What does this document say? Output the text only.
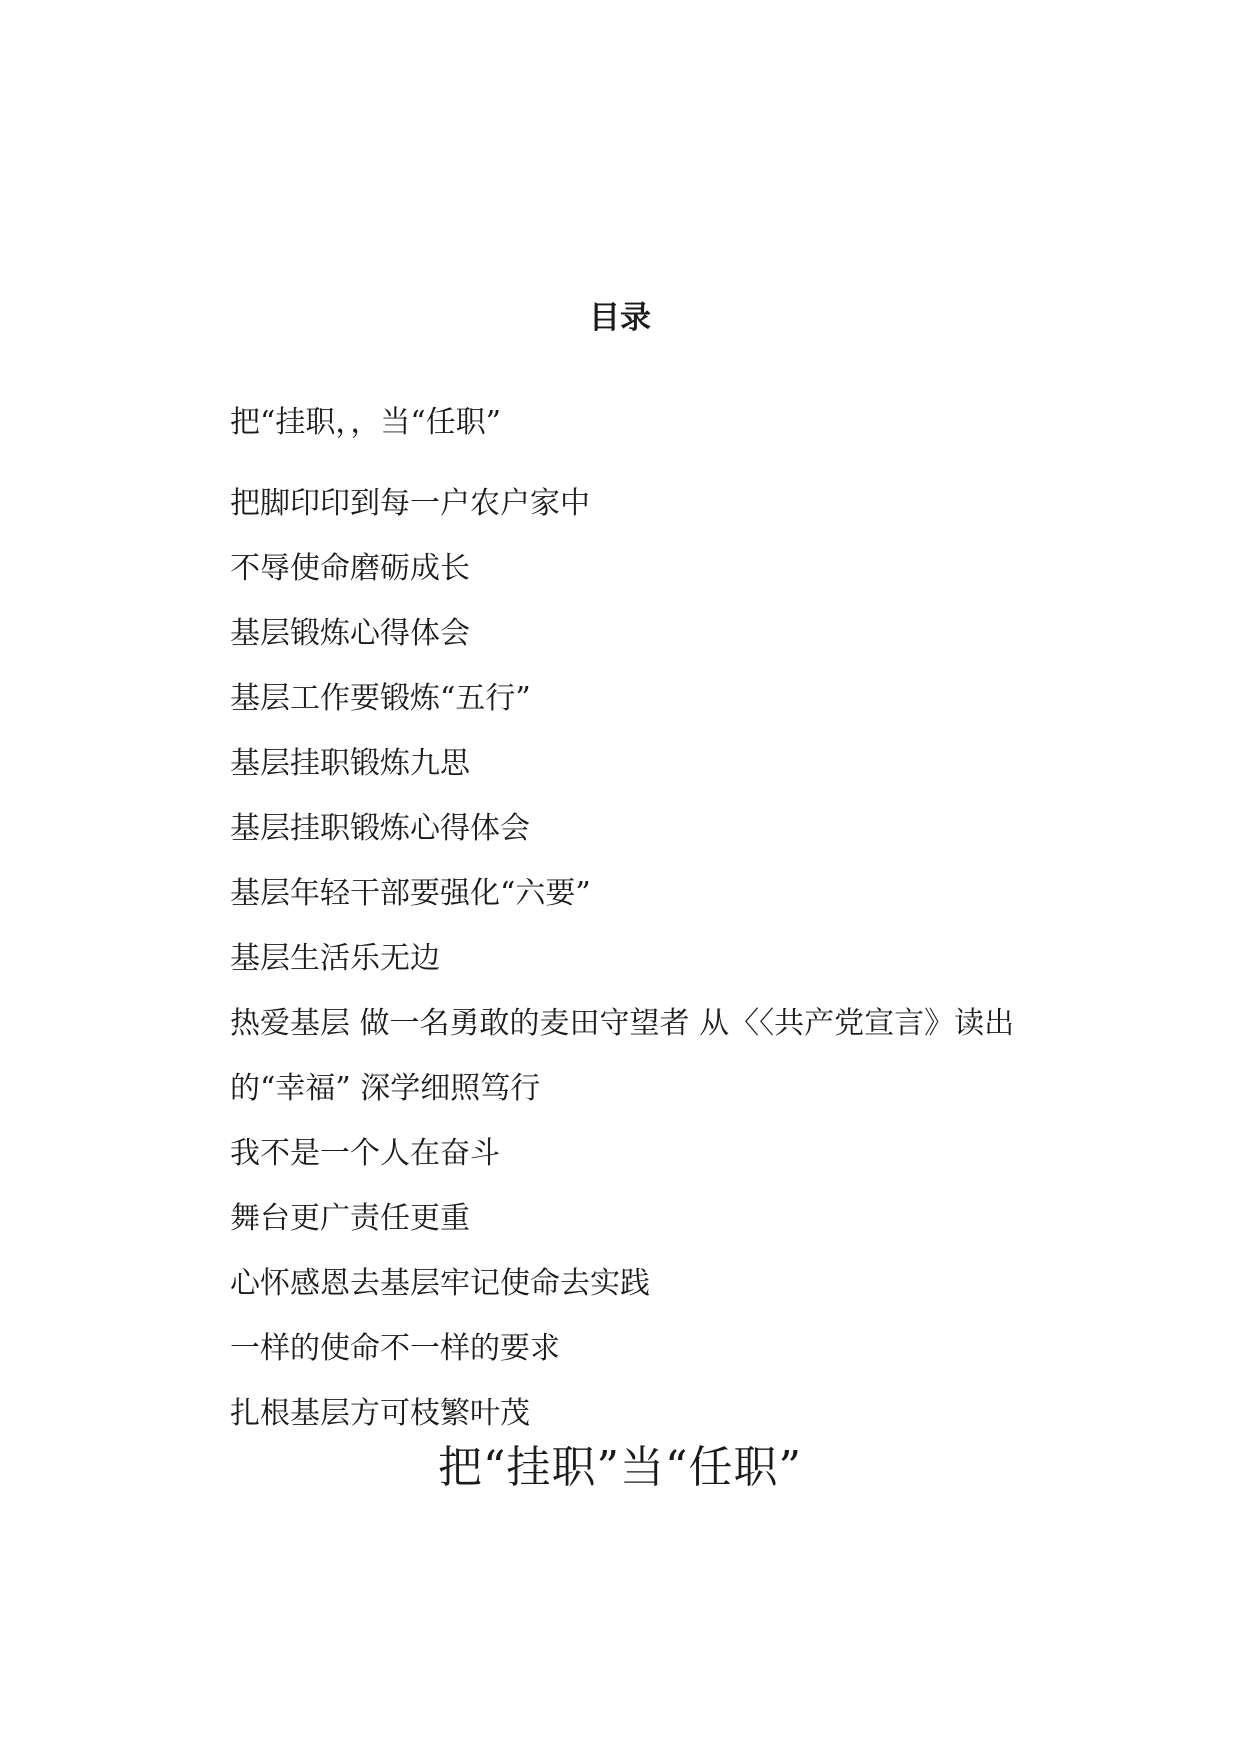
目录
把“挂职，，当“任职”
把脚印印到每一户农户家中
不辱使命磨砺成长
基层锻炼心得体会
基层工作要锻炼“五行”
基层挂职锻炼九思
基层挂职锻炼心得体会
基层年轻干部要强化“六要”
基层生活乐无边
热爱基层 做一名勇敢的麦田守望者 从〈〈共产党宣言》读出
的“幸福” 深学细照笃行
我不是一个人在奋斗
舞台更广责任更重
心怀感恩去基层牢记使命去实践
一样的使命不一样的要求
扎根基层方可枝繁叶茂
把“挂职”当“任职”
